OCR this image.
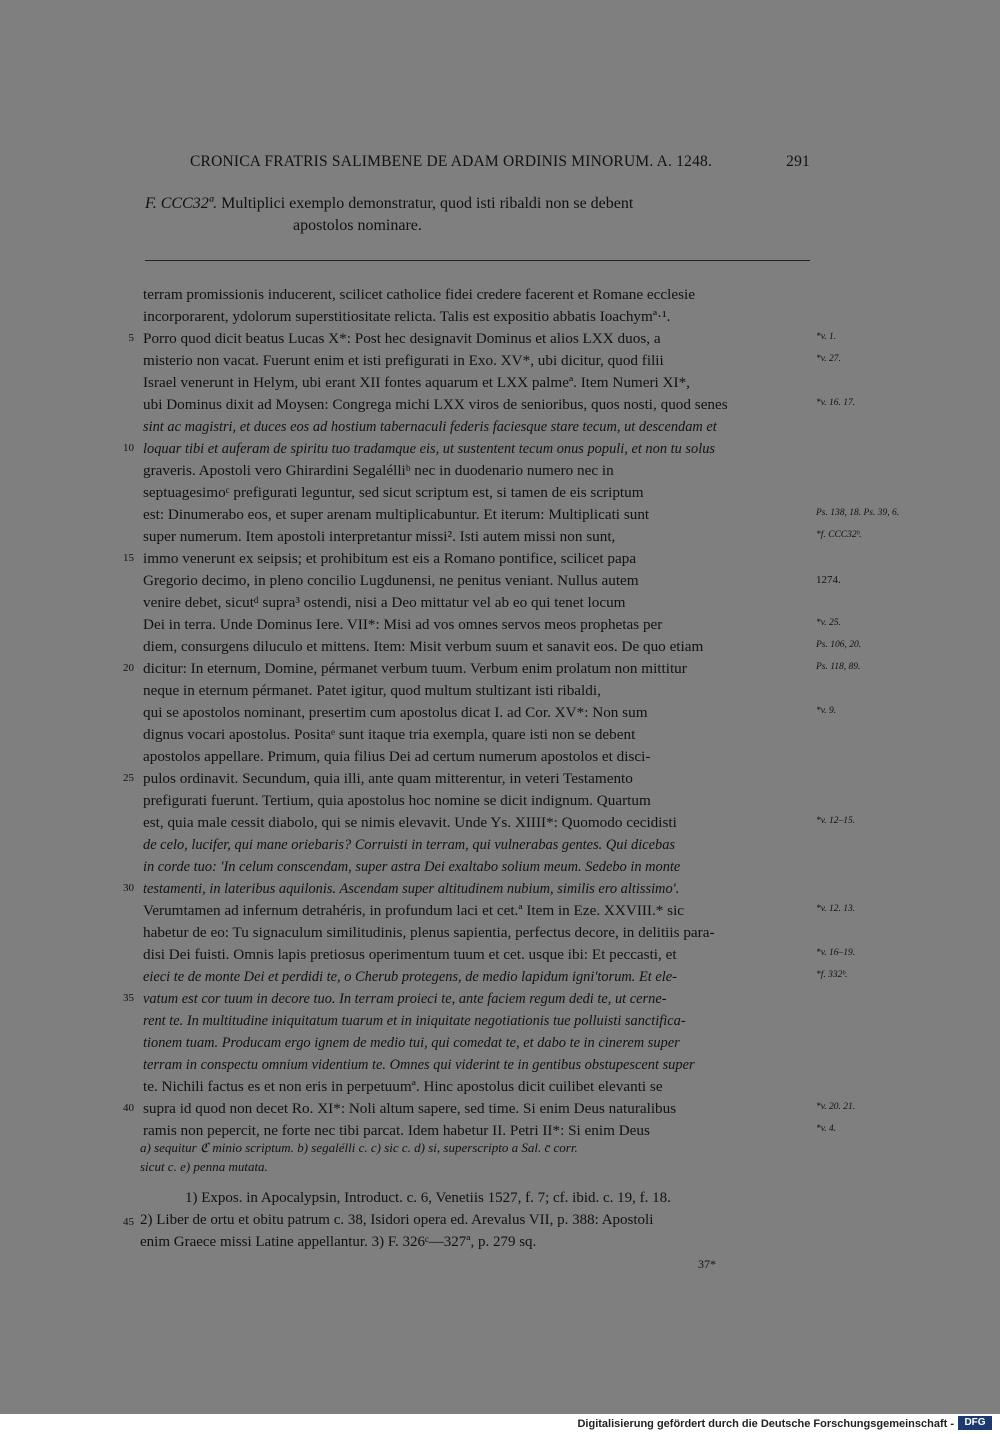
CRONICA FRATRIS SALIMBENE DE ADAM ORDINIS MINORUM. A. 1248.	291
F. CCC32ª. Multiplici exemplo demonstratur, quod isti ribaldi non se debent
apostolos nominare.
terram promissionis inducerent, scilicet catholice fidei credere facerent et Romane ecclesie
incorporarent, ydolorum superstitiositate relicta. Talis est expositio abbatis Ioachymª·¹.
Porro quod dicit beatus Lucas X*: Post hec designavit Dominus et alios LXX duos, a
misterio non vacat. Fuerunt enim et isti prefigurati in Exo. XV*, ubi dicitur, quod filii
Israel venerunt in Helym, ubi erant XII fontes aquarum et LXX palmeª. Item Numeri XI*,
ubi Dominus dixit ad Moysen: Congrega michi LXX viros de senioribus, quos nosti, quod senes
sint ac magistri, et duces eos ad hostium tabernaculi federis faciesque stare tecum, ut descendam et
loquar tibi et auferam de spiritu tuo tradamque eis, ut sustentent tecum onus populi, et non tu solus
graveris. Apostoli vero Ghirardini Segalélliᵇ nec in duodenario numero nec in
septuagesimoᶜ prefigurati leguntur, sed sicut scriptum est, si tamen de eis scriptum
est: Dinumerabo eos, et super arenam multiplicabuntur. Et iterum: Multiplicati sunt
super numerum. Item apostoli interpretantur missi². Isti autem missi non sunt,
immo venerunt ex seipsis; et prohibitum est eis a Romano pontifice, scilicet papa
Gregorio decimo, in pleno concilio Lugdunensi, ne penitus veniant. Nullus autem
venire debet, sicutᵈ supra³ ostendi, nisi a Deo mittatur vel ab eo qui tenet locum
Dei in terra. Unde Dominus Iere. VII*: Misi ad vos omnes servos meos prophetas per
diem, consurgens diluculo et mittens. Item: Misit verbum suum et sanavit eos. De quo etiam
dicitur: In eternum, Domine, pérmanet verbum tuum. Verbum enim prolatum non mittitur
neque in eternum pérmanet. Patet igitur, quod multum stultizant isti ribaldi,
qui se apostolos nominant, presertim cum apostolus dicat I. ad Cor. XV*: Non sum
dignus vocari apostolus. Positaᵉ sunt itaque tria exempla, quare isti non se debent
apostolos appellare. Primum, quia filius Dei ad certum numerum apostolos et disci-
pulos ordinavit. Secundum, quia illi, ante quam mitterentur, in veteri Testamento
prefigurati fuerunt. Tertium, quia apostolus hoc nomine se dicit indignum. Quartum
est, quia male cessit diabolo, qui se nimis elevavit. Unde Ys. XIIII*: Quomodo cecidisti
de celo, lucifer, qui mane oriebaris? Corruisti in terram, qui vulnerabas gentes. Qui dicebas
in corde tuo: 'In celum conscendam, super astra Dei exaltabo solium meum. Sedebo in monte
testamenti, in lateribus aquilonis. Ascendam super altitudinem nubium, similis ero altissimo'.
Verumtamen ad infernum detrahéris, in profundum laci et cet.ª Item in Eze. XXVIII.* sic
habetur de eo: Tu signaculum similitudinis, plenus sapientia, perfectus decore, in delitiis para-
disi Dei fuisti. Omnis lapis pretiosus operimentum tuum et cet. usque ibi: Et peccasti, et
eieci te de monte Dei et perdidi te, o Cherub protegens, de medio lapidum igni'torum. Et ele-
vatum est cor tuum in decore tuo. In terram proieci te, ante faciem regum dedi te, ut cerne-
rent te. In multitudine iniquitatum tuarum et in iniquitate negotiationis tue polluisti sanctifica-
tionem tuam. Producam ergo ignem de medio tui, qui comedat te, et dabo te in cinerem super
terram in conspectu omnium videntium te. Omnes qui viderint te in gentibus obstupescent super
te. Nichili factus es et non eris in perpetuumª. Hinc apostolus dicit cuilibet elevanti se
supra id quod non decet Ro. XI*: Noli altum sapere, sed time. Si enim Deus naturalibus
ramis non pepercit, ne forte nec tibi parcat. Idem habetur II. Petri II*: Si enim Deus
a) sequitur ℭ minio scriptum. b) segalélli c. c) sic c. d) si, superscripto a Sal. c̄ corr.
sicut c. e) penna mutata.
1) Expos. in Apocalypsin, Introduct. c. 6, Venetiis 1527, f. 7; cf. ibid. c. 19, f. 18.
2) Liber de ortu et obitu patrum c. 38, Isidori opera ed. Arevalus VII, p. 388: Apostoli
45
enim Graece missi Latine appellantur. 3) F. 326ᶜ—327ª, p. 279 sq.
37*
Digitalisierung gefördert durch die Deutsche Forschungsgemeinschaft -	DFG
5	*v. 1.
*v. 27.
*v. 16. 17.
10
Ps. 138, 18. Ps. 39, 6.
*f. CCC32ᵇ.
15
1274.
*v. 25.
Ps. 106, 20.
20	Ps. 118, 89.
*v. 9.
25
*v. 12–15.
30
*v. 12. 13.
*v. 16–19.
*f. 332ᵇ.
35
40	*v. 20. 21.
*v. 4.
